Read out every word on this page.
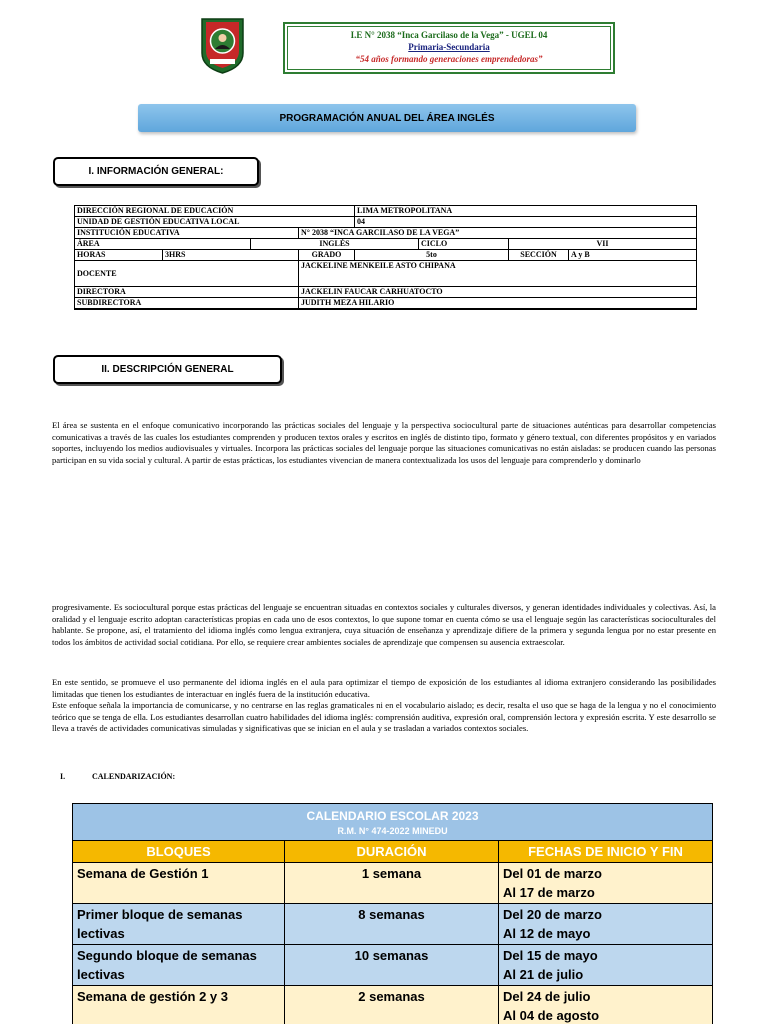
I.E N° 2038 “Inca Garcilaso de la Vega” - UGEL 04
Primaria-Secundaria
“54 años formando generaciones emprendedoras”
PROGRAMACIÓN ANUAL DEL ÁREA INGLÉS
I. INFORMACIÓN GENERAL:
DIRECCIÓN REGIONAL DE EDUCACIÓN				LIMA METROPOLITANA			
UNIDAD DE GESTIÓN EDUCATIVA LOCAL				04			
INSTITUCIÓN EDUCATIVA			N° 2038 “INCA GARCILASO DE LA VEGA”				
ÁREA		INGLÉS			CICLO	VII	
HORAS	3HRS		GRADO	5to		SECCIÓN	A y B
DOCENTE			JACKELINE MENKEILE ASTO CHIPANA				
DIRECTORA			JACKELIN FAUCAR CARHUATOCTO				
SUBDIRECTORA			JUDITH MEZA HILARIO				
II. DESCRIPCIÓN GENERAL

El área se sustenta en el enfoque comunicativo incorporando las prácticas sociales del lenguaje y la perspectiva sociocultural parte de situaciones auténticas para desarrollar competencias comunicativas a través de las cuales los estudiantes comprenden y producen textos orales y escritos en inglés de distinto tipo, formato y género textual, con diferentes propósitos y en variados soportes, incluyendo los medios audiovisuales y virtuales. Incorpora las prácticas sociales del lenguaje porque las situaciones comunicativas no están aisladas: se producen cuando las personas participan en su vida social y cultural. A partir de estas prácticas, los estudiantes vivencian de manera contextualizada los usos del lenguaje para comprenderlo y dominarlo

progresivamente. Es sociocultural porque estas prácticas del lenguaje se encuentran situadas en contextos sociales y culturales diversos, y generan identidades individuales y colectivas. Así, la oralidad y el lenguaje escrito adoptan características propias en cada uno de esos contextos, lo que supone tomar en cuenta cómo se usa el lenguaje según las características socioculturales del hablante. Se propone, así, el tratamiento del idioma inglés como lengua extranjera, cuya situación de enseñanza y aprendizaje difiere de la primera y segunda lengua por no estar presente en todos los ámbitos de actividad social cotidiana. Por ello, se requiere crear ambientes sociales de aprendizaje que compensen su ausencia extraescolar.

En este sentido, se promueve el uso permanente del idioma inglés en el aula para optimizar el tiempo de exposición de los estudiantes al idioma extranjero considerando las posibilidades limitadas que tienen los estudiantes de interactuar en inglés fuera de la institución educativa.

Este enfoque señala la importancia de comunicarse, y no centrarse en las reglas gramaticales ni en el vocabulario aislado; es decir, resalta el uso que se haga de la lengua y no el conocimiento teórico que se tenga de ella. Los estudiantes desarrollan cuatro habilidades del idioma inglés: comprensión auditiva, expresión oral, comprensión lectora y expresión escrita. Y este desarrollo se lleva a través de actividades comunicativas simuladas y significativas que se inician en el aula y se trasladan a variados contextos sociales.

I.	CALENDARIZACIÓN:
CALENDARIO ESCOLAR 2023
R.M. N° 474-2022 MINEDU		

BLOQUES	DURACIÓN	FECHAS DE INICIO Y FIN
Semana de Gestión 1	1 semana	Del 01 de marzo
Al 17 de marzo

Primer bloque de semanas lectivas	8 semanas	Del 20 de marzo
Al 12 de mayo

Segundo bloque de semanas lectivas	10 semanas	Del 15 de mayo
Al 21 de julio

Semana de gestión 2 y 3	2 semanas	Del 24 de julio
Al 04 de agosto
